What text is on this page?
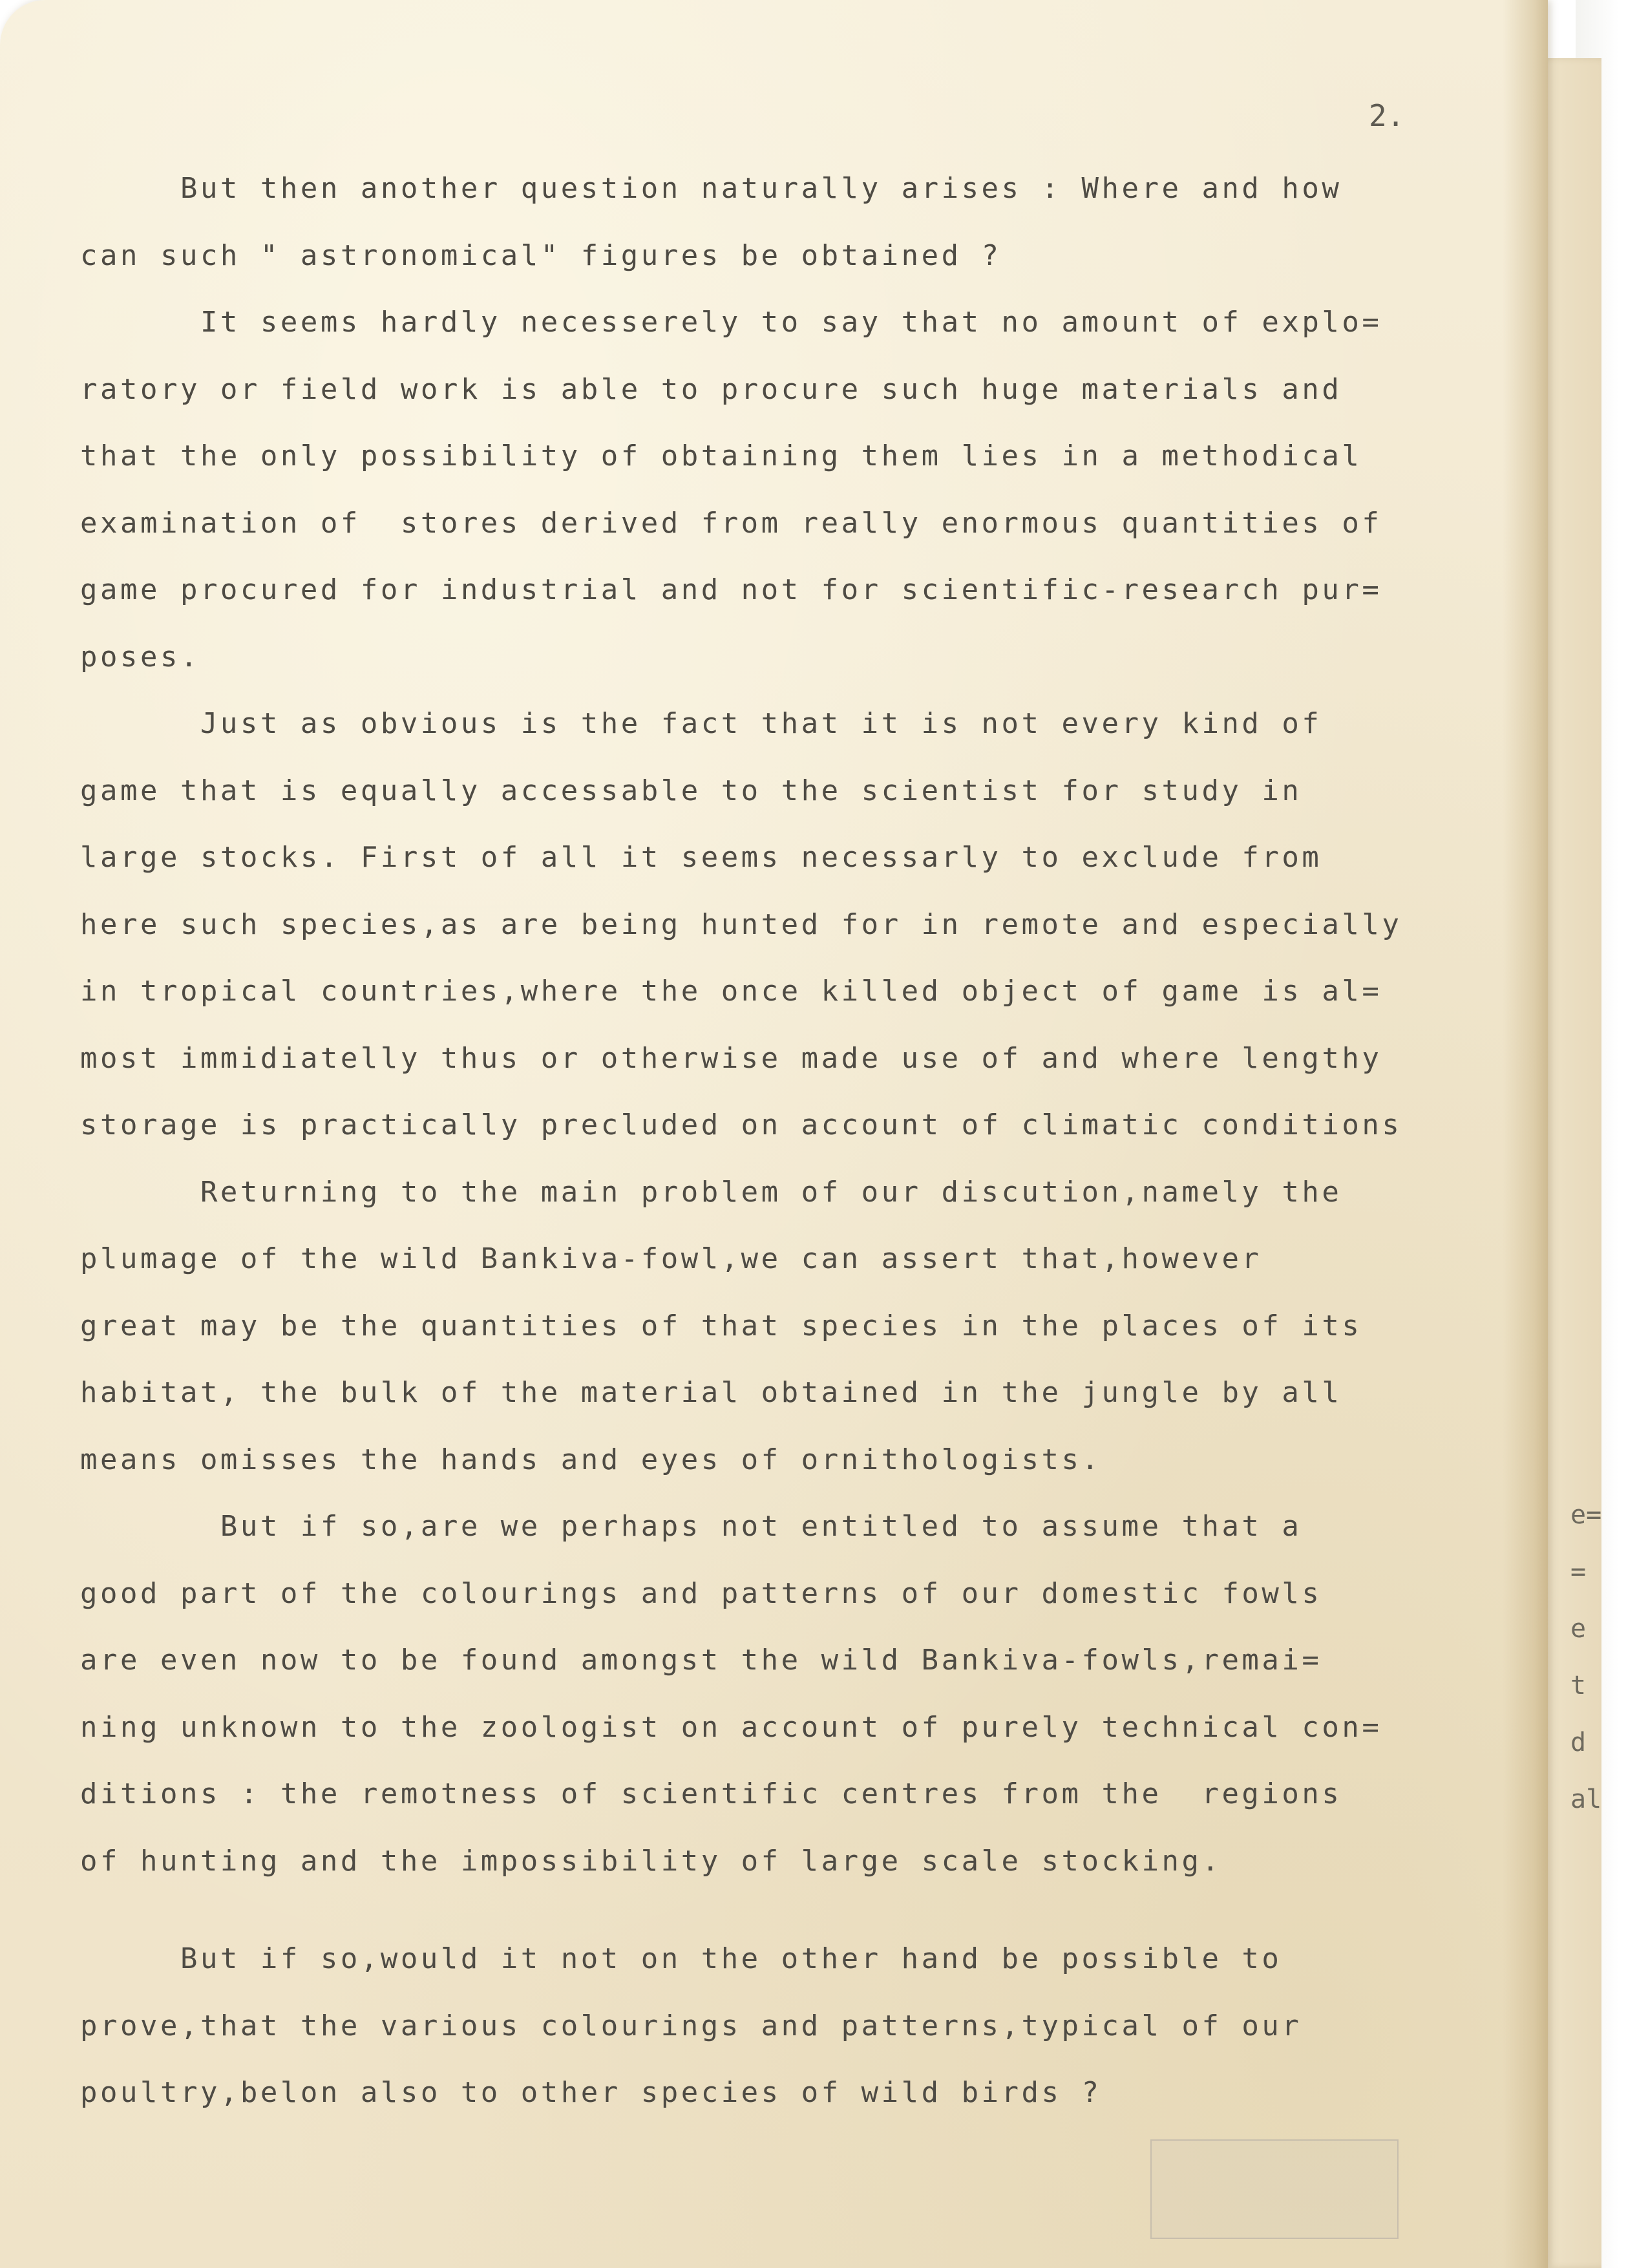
e=
=
e
t
d
al

2.

But then another question naturally arises : Where and how
can such " astronomical" figures be obtained ?
It seems hardly necesserely to say that no amount of explo=
ratory or field work is able to procure such huge materials and
that the only possibility of obtaining them lies in a methodical
examination of  stores derived from really enormous quantities of
game procured for industrial and not for scientific-research pur=
poses.
Just as obvious is the fact that it is not every kind of
game that is equally accessable to the scientist for study in
large stocks. First of all it seems necessarly to exclude from
here such species,as are being hunted for in remote and especially
in tropical countries,where the once killed object of game is al=
most immidiatelly thus or otherwise made use of and where lengthy
storage is practically precluded on account of climatic conditions
Returning to the main problem of our discution,namely the
plumage of the wild Bankiva-fowl,we can assert that,however
great may be the quantities of that species in the places of its
habitat, the bulk of the material obtained in the jungle by all
means omisses the hands and eyes of ornithologists.
But if so,are we perhaps not entitled to assume that a
good part of the colourings and patterns of our domestic fowls
are even now to be found amongst the wild Bankiva-fowls,remai=
ning unknown to the zoologist on account of purely technical con=
ditions : the remotness of scientific centres from the  regions
of hunting and the impossibility of large scale stocking.
But if so,would it not on the other hand be possible to
prove,that the various colourings and patterns,typical of our
poultry,belon also to other species of wild birds ?
